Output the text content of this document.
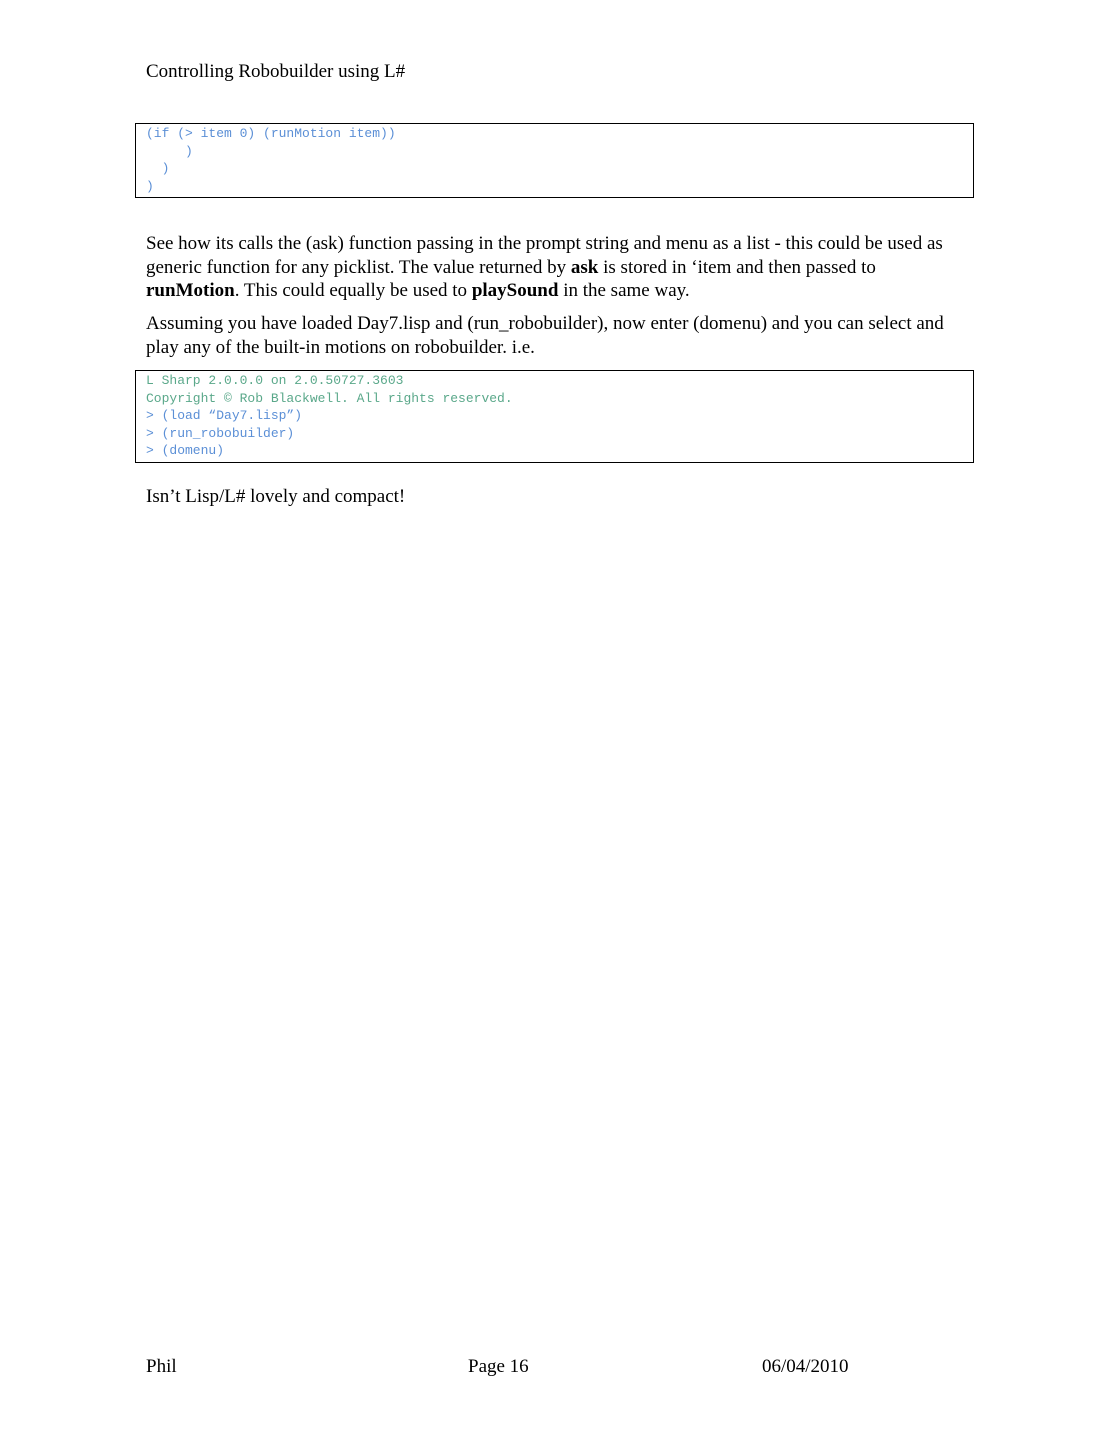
Controlling Robobuilder using L#
(if (> item 0) (runMotion item))
)
)
)

See how its calls the (ask) function passing in the prompt string and menu as a list - this could be used as generic function for any picklist. The value returned by ask is stored in ‘item and then passed to runMotion. This could equally be used to playSound in the same way.

Assuming you have loaded Day7.lisp and (run_robobuilder), now enter (domenu) and you can select and play any of the built-in motions on robobuilder. i.e.

L Sharp 2.0.0.0 on 2.0.50727.3603
Copyright © Rob Blackwell. All rights reserved.
> (load “Day7.lisp”)
> (run_robobuilder)
> (domenu)

Isn’t Lisp/L# lovely and compact!

Phil	Page 16	06/04/2010
